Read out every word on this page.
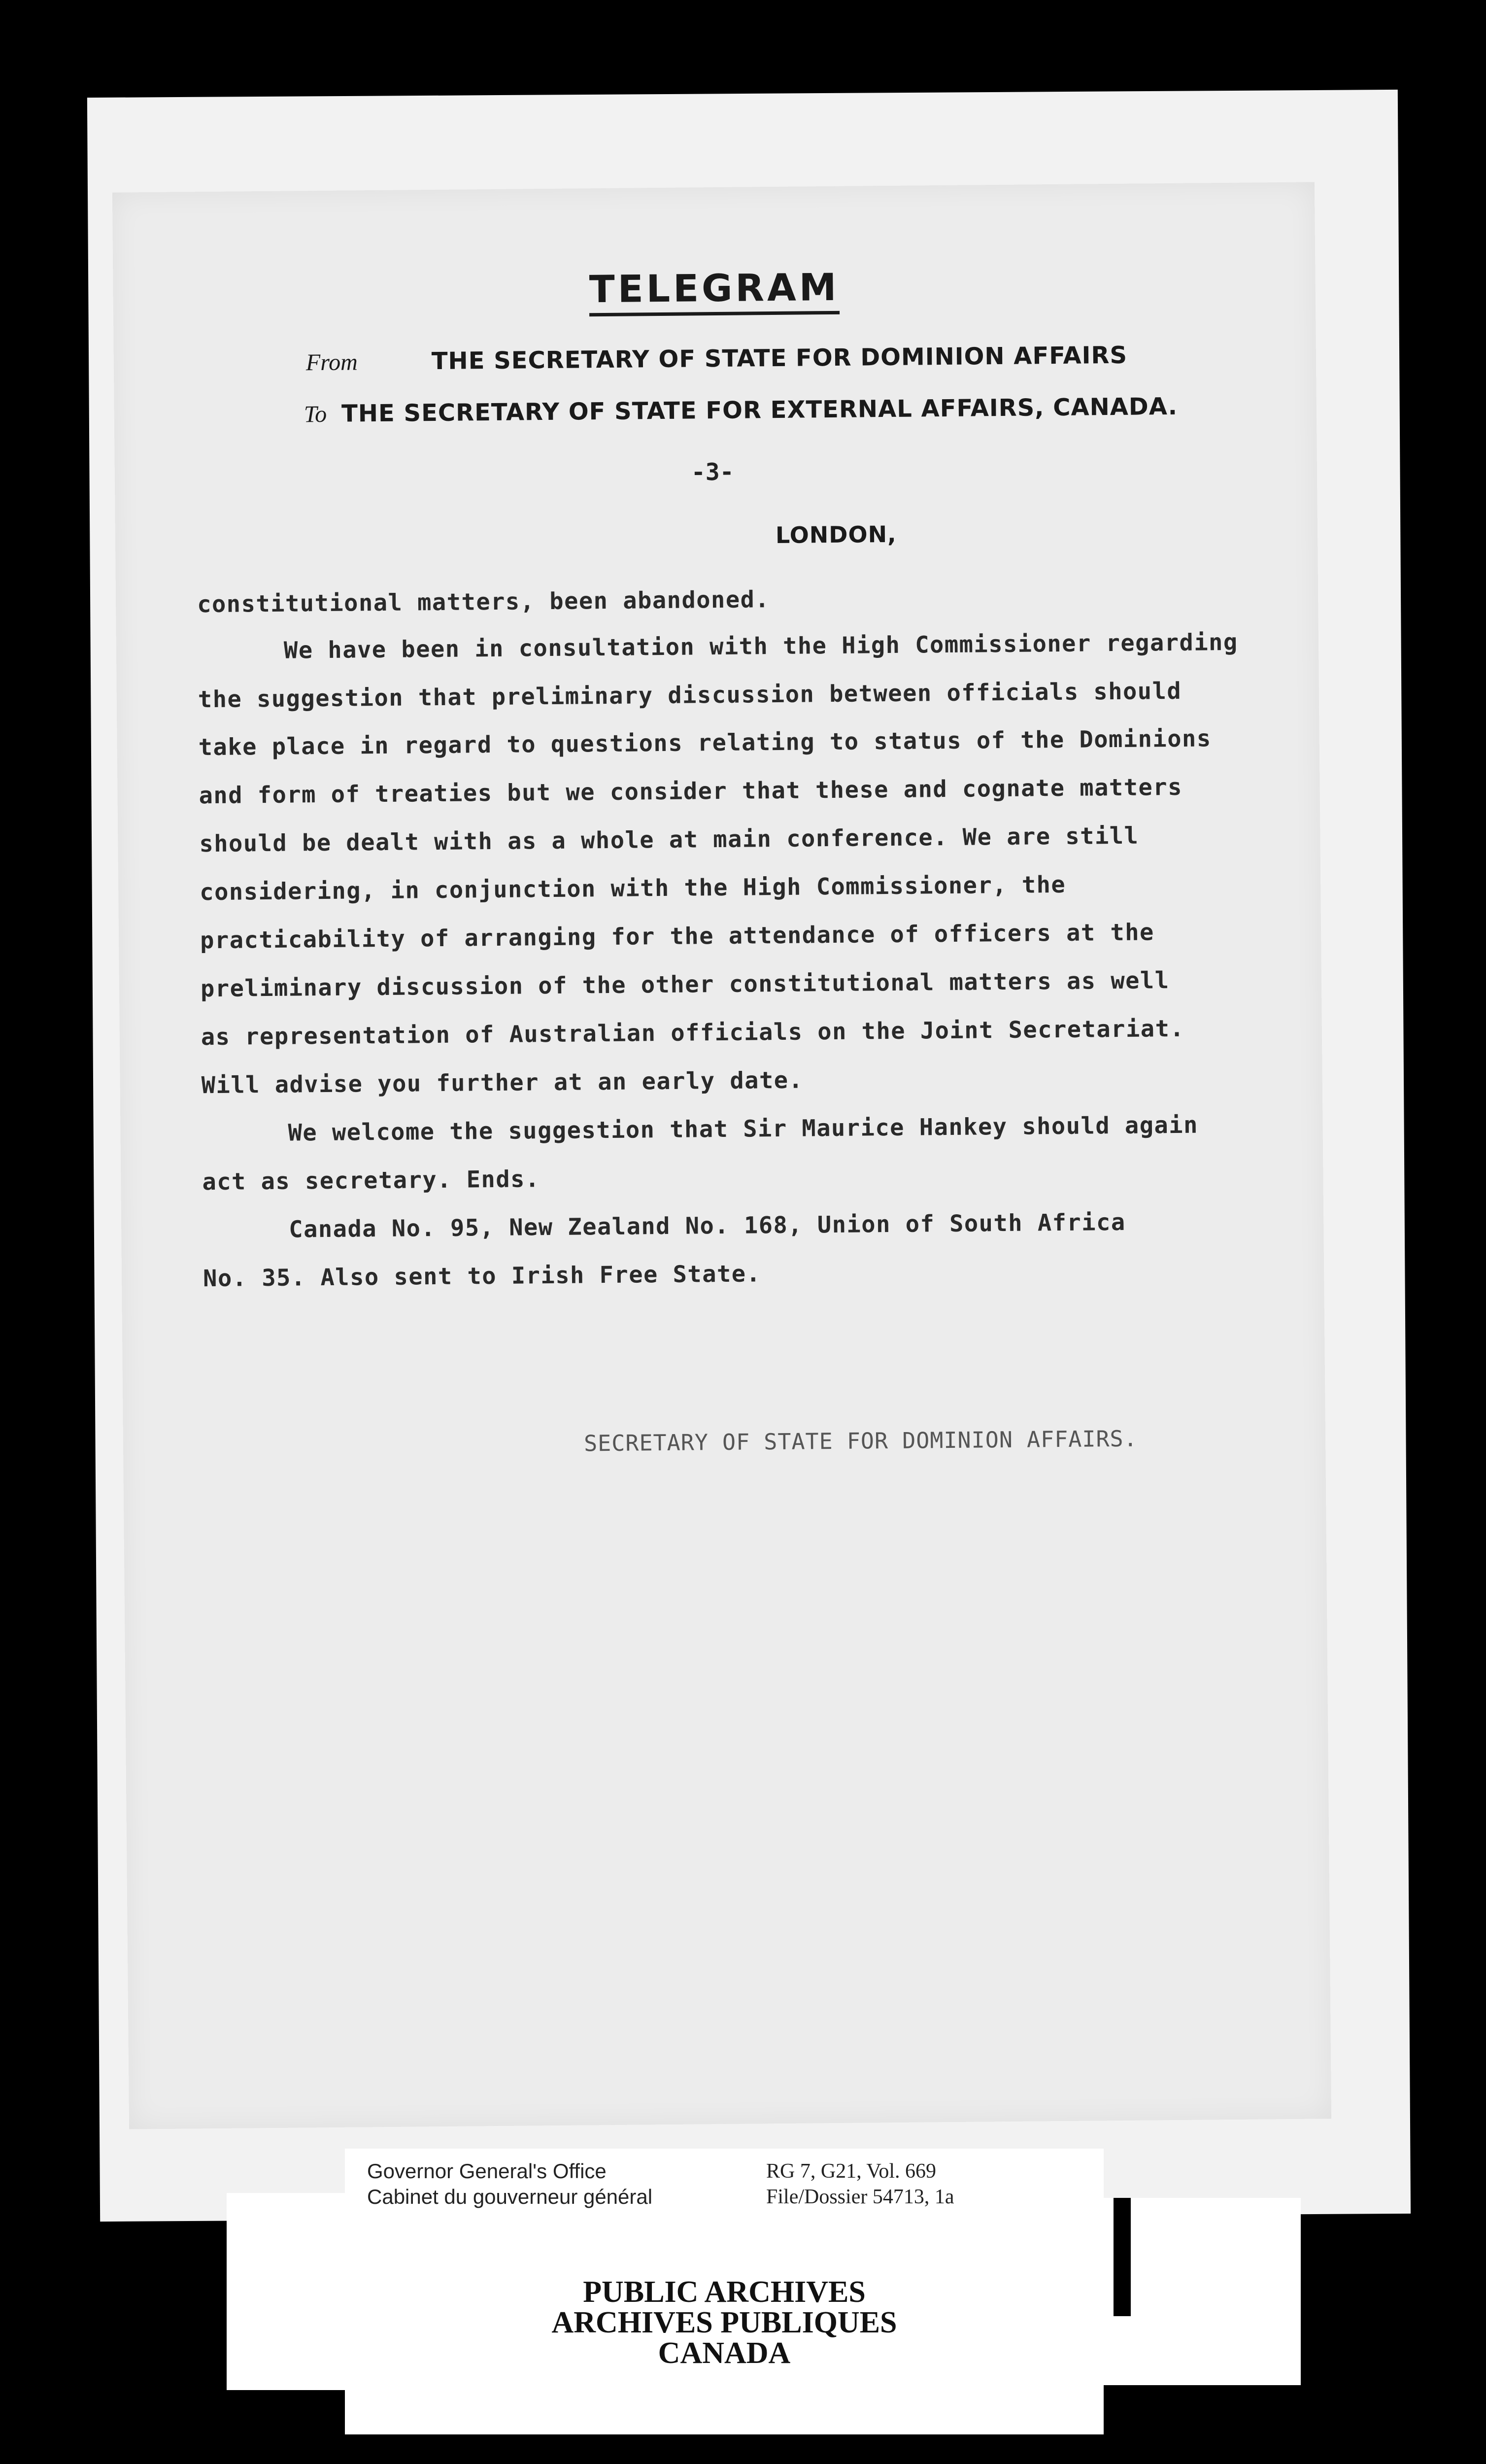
TELEGRAM
From	THE SECRETARY OF STATE FOR DOMINION AFFAIRS
To THE SECRETARY OF STATE FOR EXTERNAL AFFAIRS, CANADA.
-3-
LONDON,
constitutional matters, been abandoned.
We have been in consultation with the High Commissioner regarding
the suggestion that preliminary discussion between officials should
take place in regard to questions relating to status of the Dominions
and form of treaties but we consider that these and cognate matters
should be dealt with as a whole at main conference. We are still
considering, in conjunction with the High Commissioner, the
practicability of arranging for the attendance of officers at the
preliminary discussion of the other constitutional matters as well
as representation of Australian officials on the Joint Secretariat.
Will advise you further at an early date.
We welcome the suggestion that Sir Maurice Hankey should again
act as secretary. Ends.
Canada No. 95, New Zealand No. 168, Union of South Africa
No. 35. Also sent to Irish Free State.
SECRETARY OF STATE FOR DOMINION AFFAIRS.
Governor General's Office
Cabinet du gouverneur général
RG 7, G21, Vol. 669
File/Dossier 54713, 1a
PUBLIC ARCHIVES
ARCHIVES PUBLIQUES
CANADA
